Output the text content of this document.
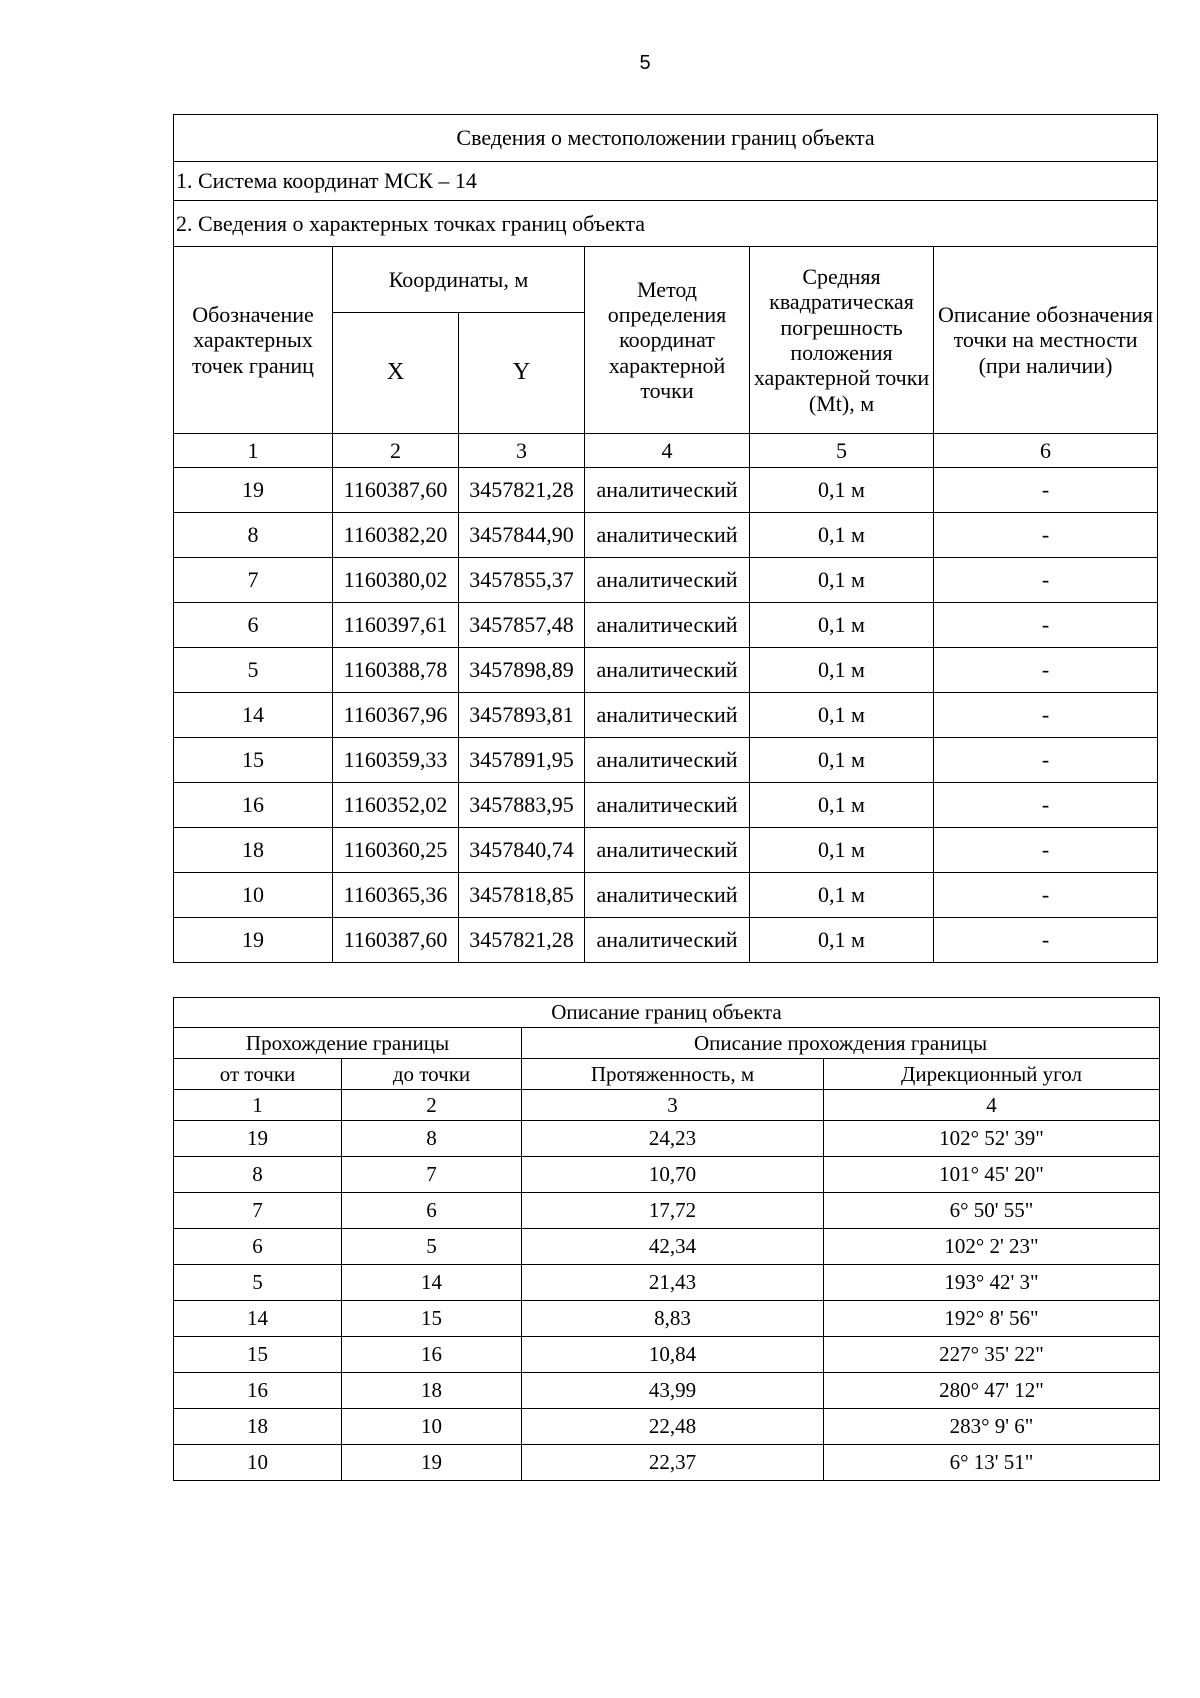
5
Сведения о местоположении границ объекта					
1. Система координат МСК – 14					
2. Сведения о характерных точках границ объекта					
Обозначение характерных точек границ	Координаты, м		Метод определения координат характерной точки	Средняя квадратическая погрешность положения характерной точки (Mt), м	Описание обозначения точки на местности (при наличии)
	X	Y			
1	2	3	4	5	6
19	1160387,60	3457821,28	аналитический	0,1 м	-
8	1160382,20	3457844,90	аналитический	0,1 м	-
7	1160380,02	3457855,37	аналитический	0,1 м	-
6	1160397,61	3457857,48	аналитический	0,1 м	-
5	1160388,78	3457898,89	аналитический	0,1 м	-
14	1160367,96	3457893,81	аналитический	0,1 м	-
15	1160359,33	3457891,95	аналитический	0,1 м	-
16	1160352,02	3457883,95	аналитический	0,1 м	-
18	1160360,25	3457840,74	аналитический	0,1 м	-
10	1160365,36	3457818,85	аналитический	0,1 м	-
19	1160387,60	3457821,28	аналитический	0,1 м	-
Описание границ объекта			
Прохождение границы		Описание прохождения границы	
от точки	до точки	Протяженность, м	Дирекционный угол
1	2	3	4
19	8	24,23	102° 52' 39"
8	7	10,70	101° 45' 20"
7	6	17,72	6° 50' 55"
6	5	42,34	102° 2' 23"
5	14	21,43	193° 42' 3"
14	15	8,83	192° 8' 56"
15	16	10,84	227° 35' 22"
16	18	43,99	280° 47' 12"
18	10	22,48	283° 9' 6"
10	19	22,37	6° 13' 51"
